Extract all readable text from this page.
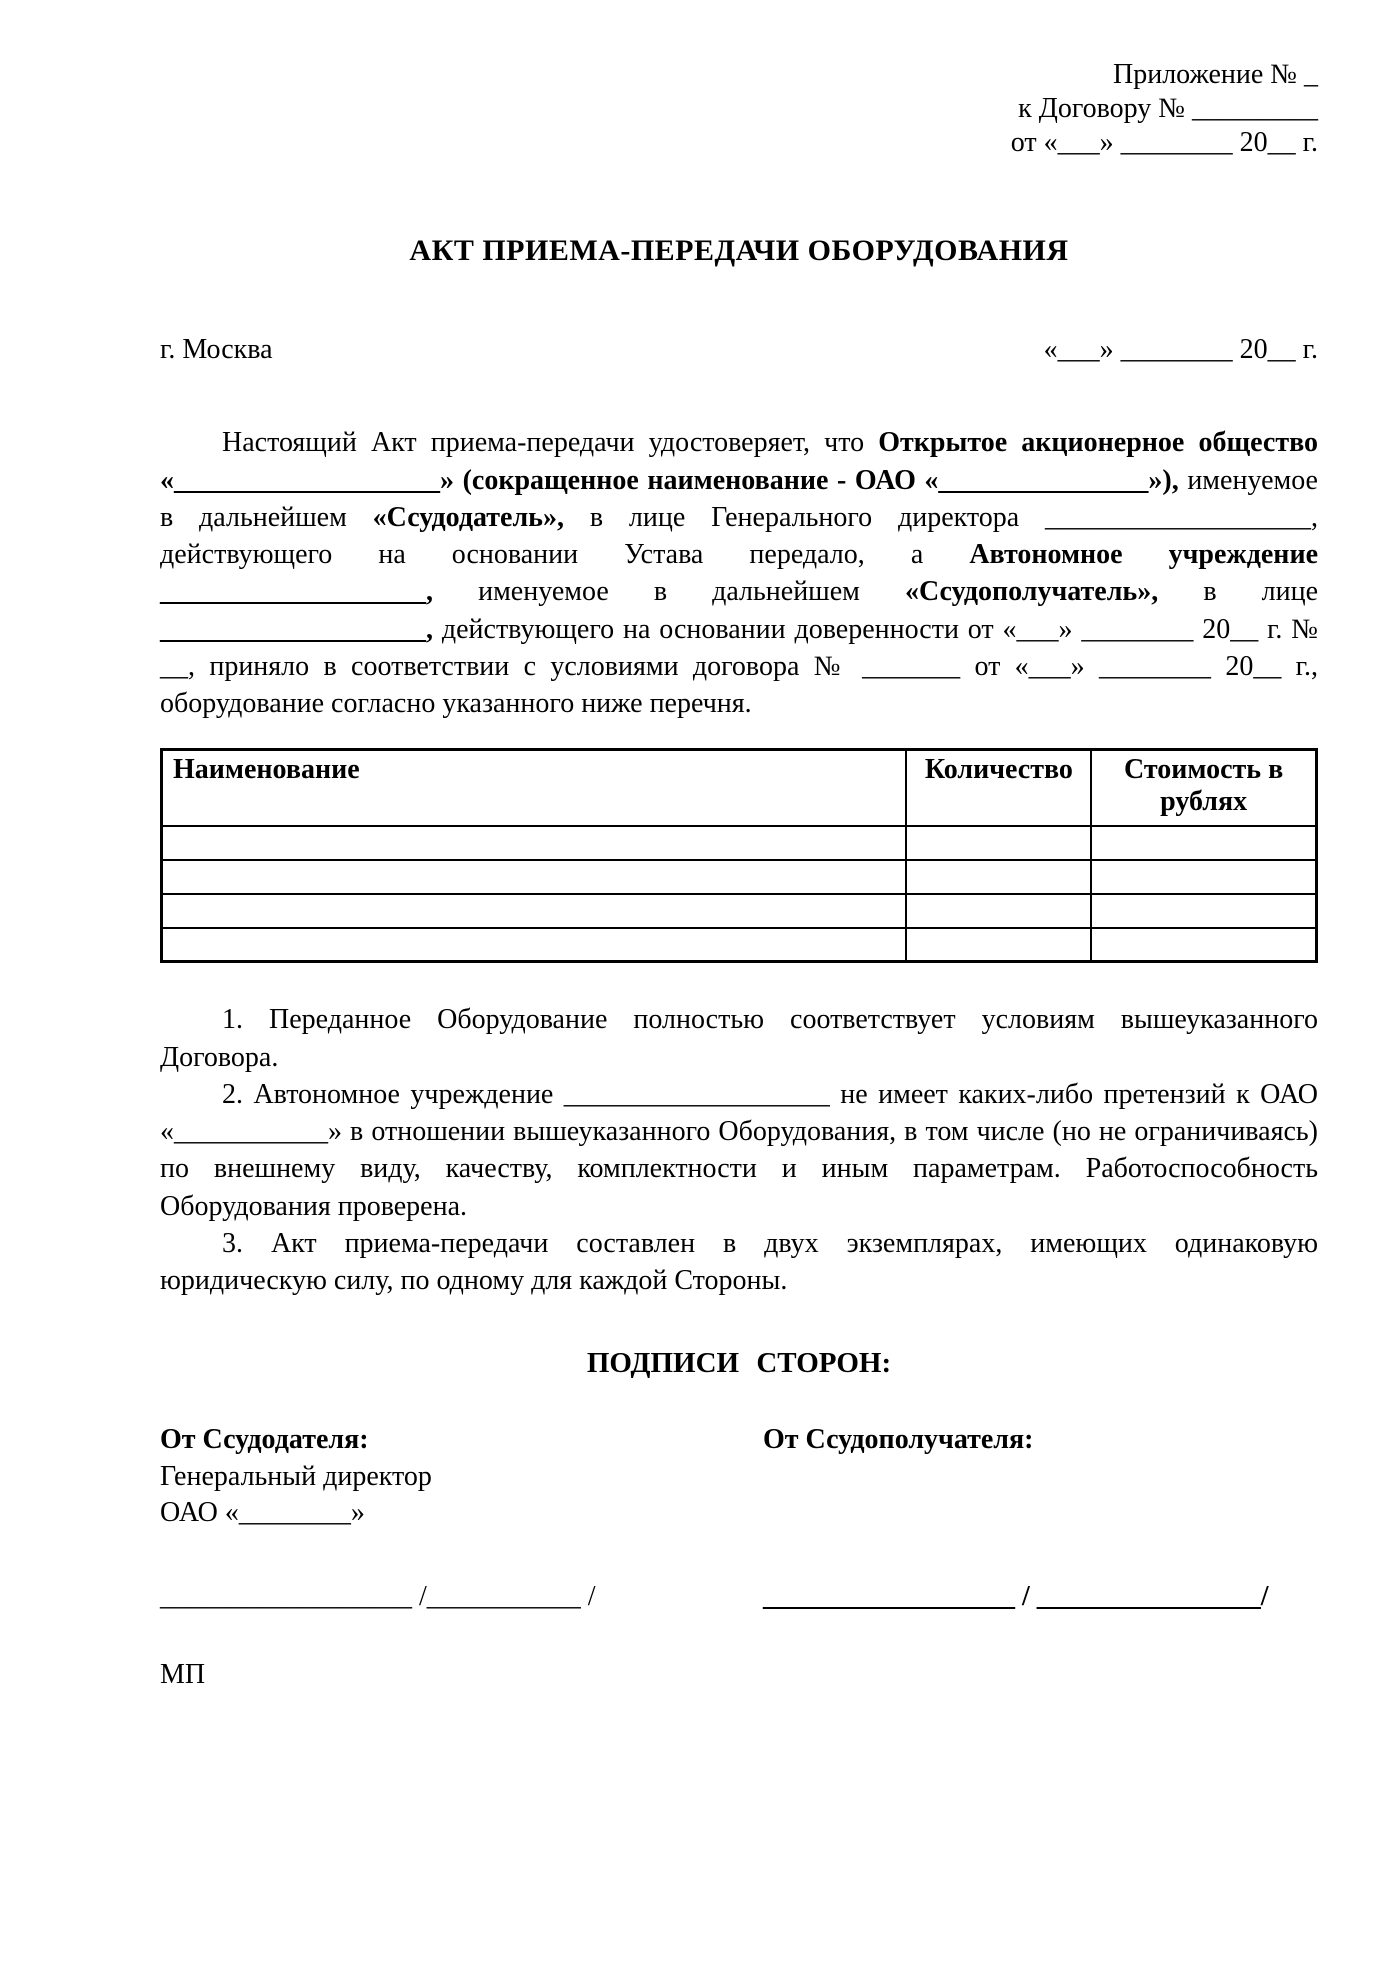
Приложение № _
к Договору № _________
от «___» ________ 20__ г.
АКТ ПРИЕМА-ПЕРЕДАЧИ ОБОРУДОВАНИЯ
г. Москва	«___» ________ 20__ г.

Настоящий Акт приема-передачи удостоверяет, что Открытое акционерное общество «___________________» (сокращенное наименование - ОАО «_______________»), именуемое в дальнейшем «Ссудодатель», в лице Генерального директора ___________________, действующего на основании Устава передало, а Автономное учреждение ___________________, именуемое в дальнейшем «Ссудополучатель», в лице ___________________, действующего на основании доверенности от «___» ________ 20__ г. № __, приняло в соответствии с условиями договора № _______ от «___» ________ 20__ г., оборудование согласно указанного ниже перечня.

Наименование	Количество	Стоимость в рублях

1. Переданное Оборудование полностью соответствует условиям вышеуказанного Договора.

2. Автономное учреждение ___________________ не имеет каких-либо претензий к ОАО «___________» в отношении вышеуказанного Оборудования, в том числе (но не ограничиваясь) по внешнему виду, качеству, комплектности и иным параметрам. Работоспособность Оборудования проверена.

3. Акт приема-передачи составлен в двух экземплярах, имеющих одинаковую юридическую силу, по одному для каждой Стороны.

ПОДПИСИ СТОРОН:
От Ссудодателя:
Генеральный директор
ОАО «________»
От Ссудополучателя:
__________________ /___________ /	__________________ / ________________/
МП
